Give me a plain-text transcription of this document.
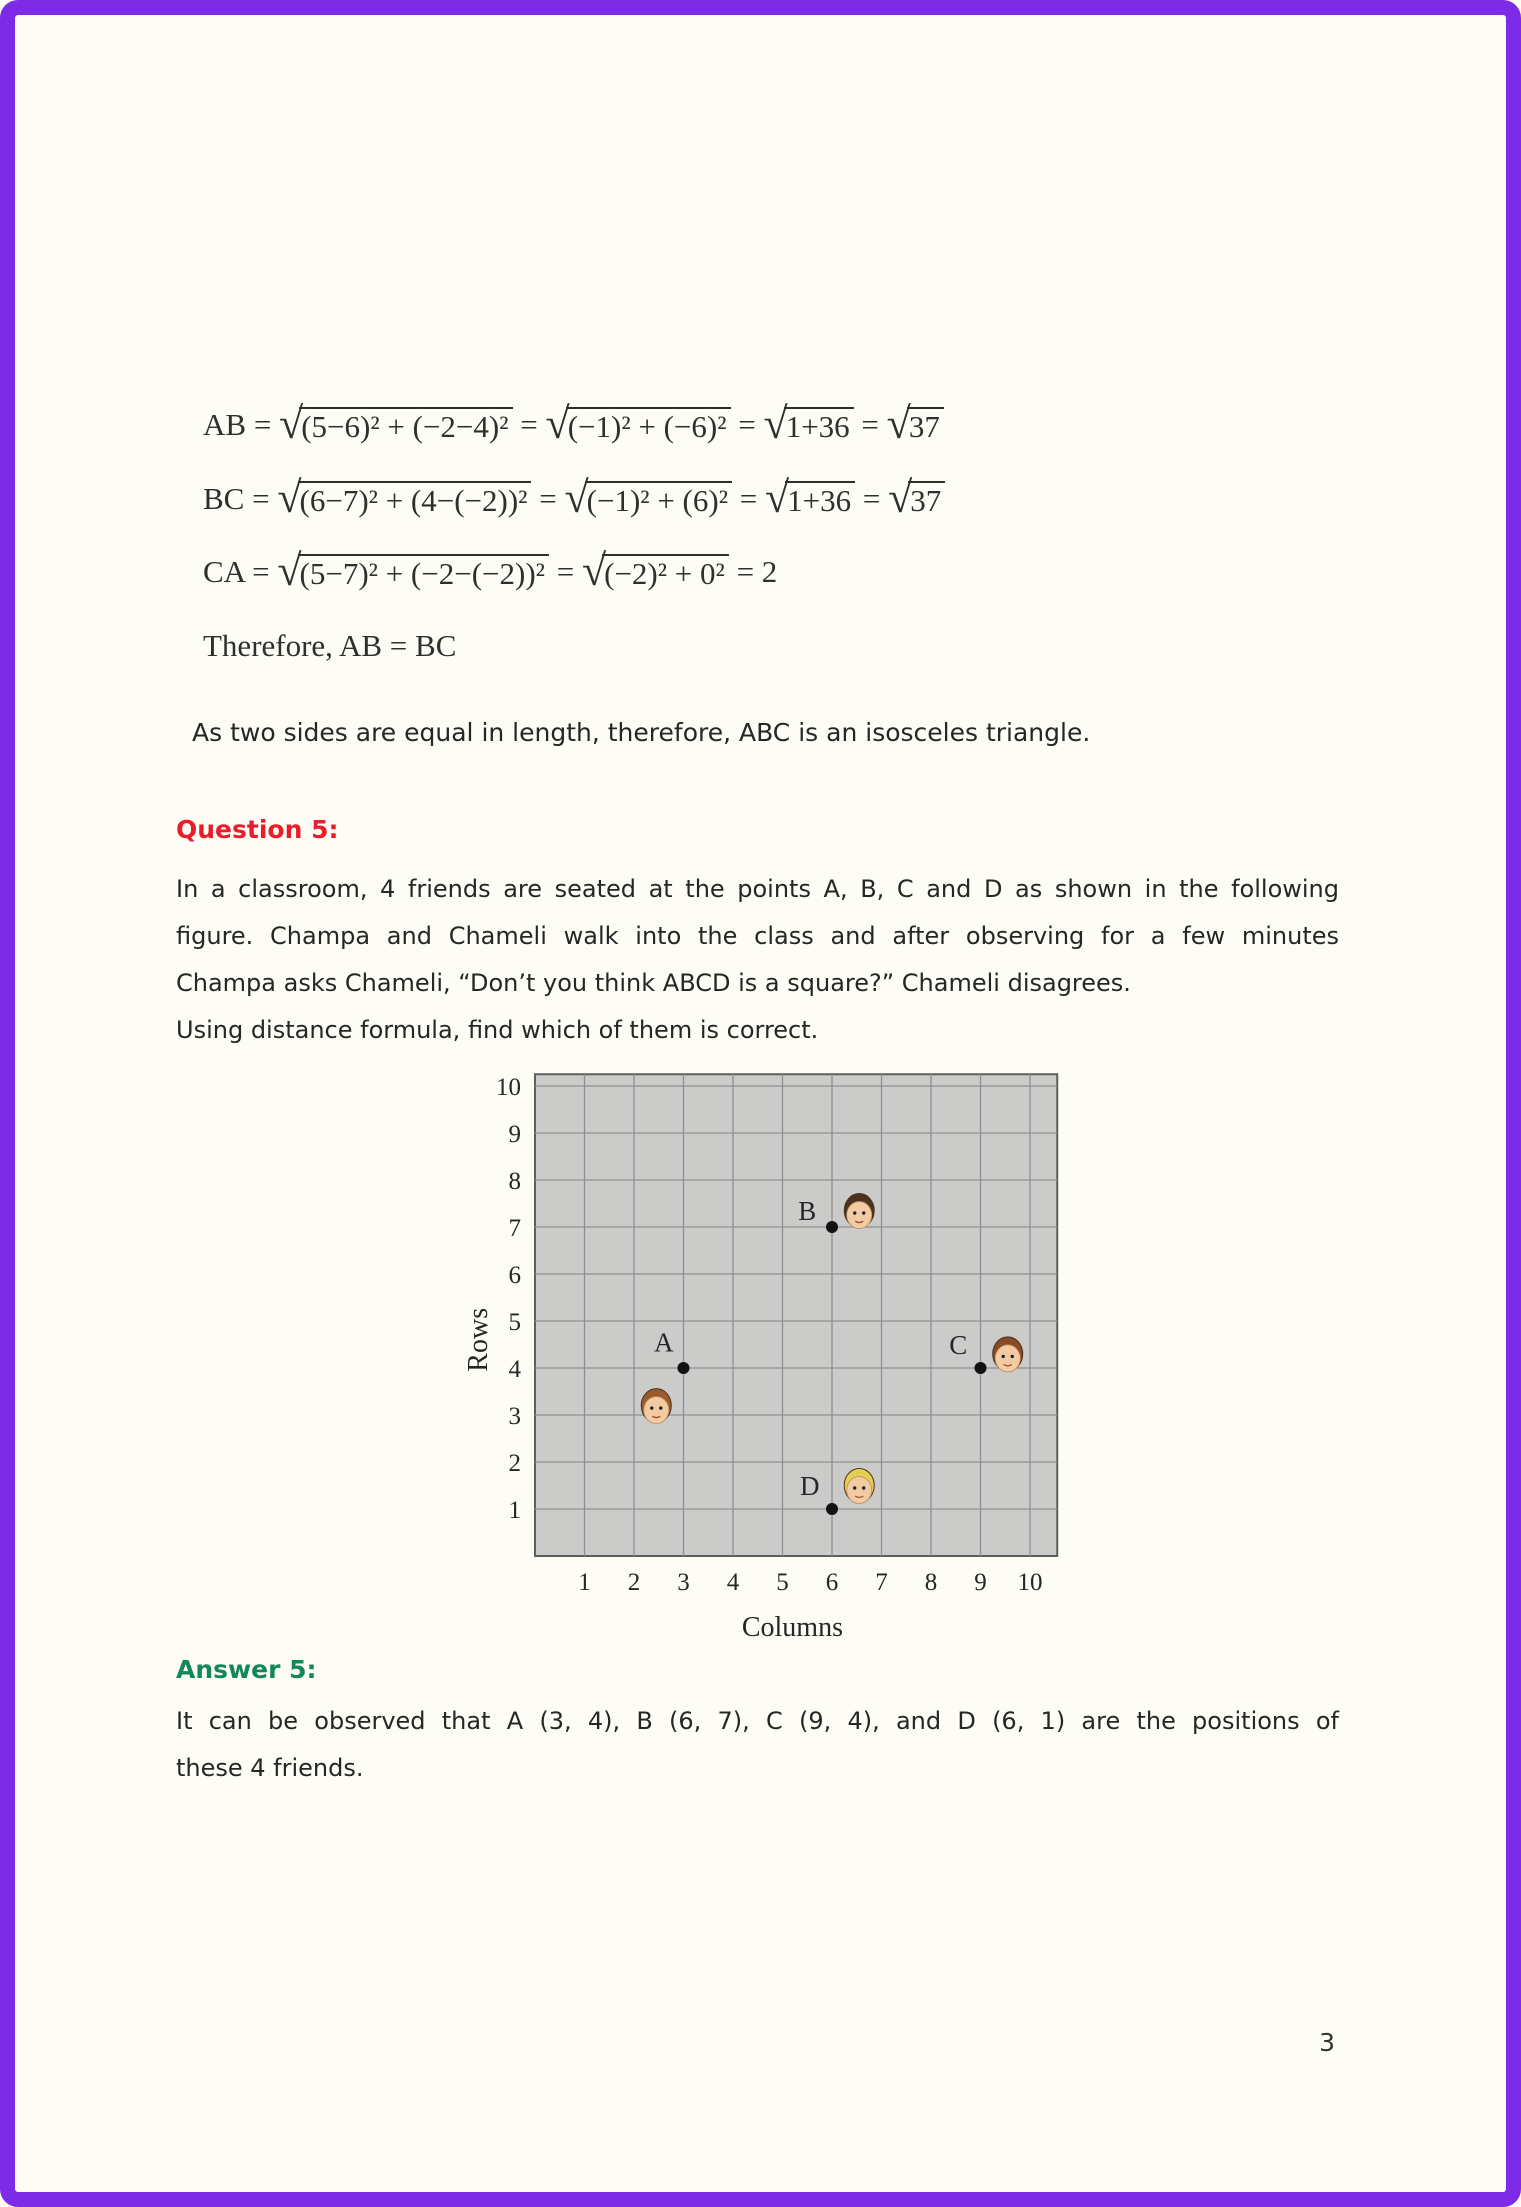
AB = √(5−6)² + (−2−4)² = √(−1)² + (−6)² = √1+36 = √37
BC = √(6−7)² + (4−(−2))² = √(−1)² + (6)² = √1+36 = √37
CA = √(5−7)² + (−2−(−2))² = √(−2)² + 0² = 2
Therefore, AB = BC
As two sides are equal in length, therefore, ABC is an isosceles triangle.
Question 5:
In a classroom, 4 friends are seated at the points A, B, C and D as shown in the following
figure. Champa and Chameli walk into the class and after observing for a few minutes
Champa asks Chameli, “Don’t you think ABCD is a square?” Chameli disagrees.
Using distance formula, find which of them is correct.
1 2 3 4 5 6 7 8 9 10
1
2
3
4
5
6
7
8
9
10
Columns
Rows	A
B
C
D
Answer 5:
It can be observed that A (3, 4), B (6, 7), C (9, 4), and D (6, 1) are the positions of
these 4 friends.
3
